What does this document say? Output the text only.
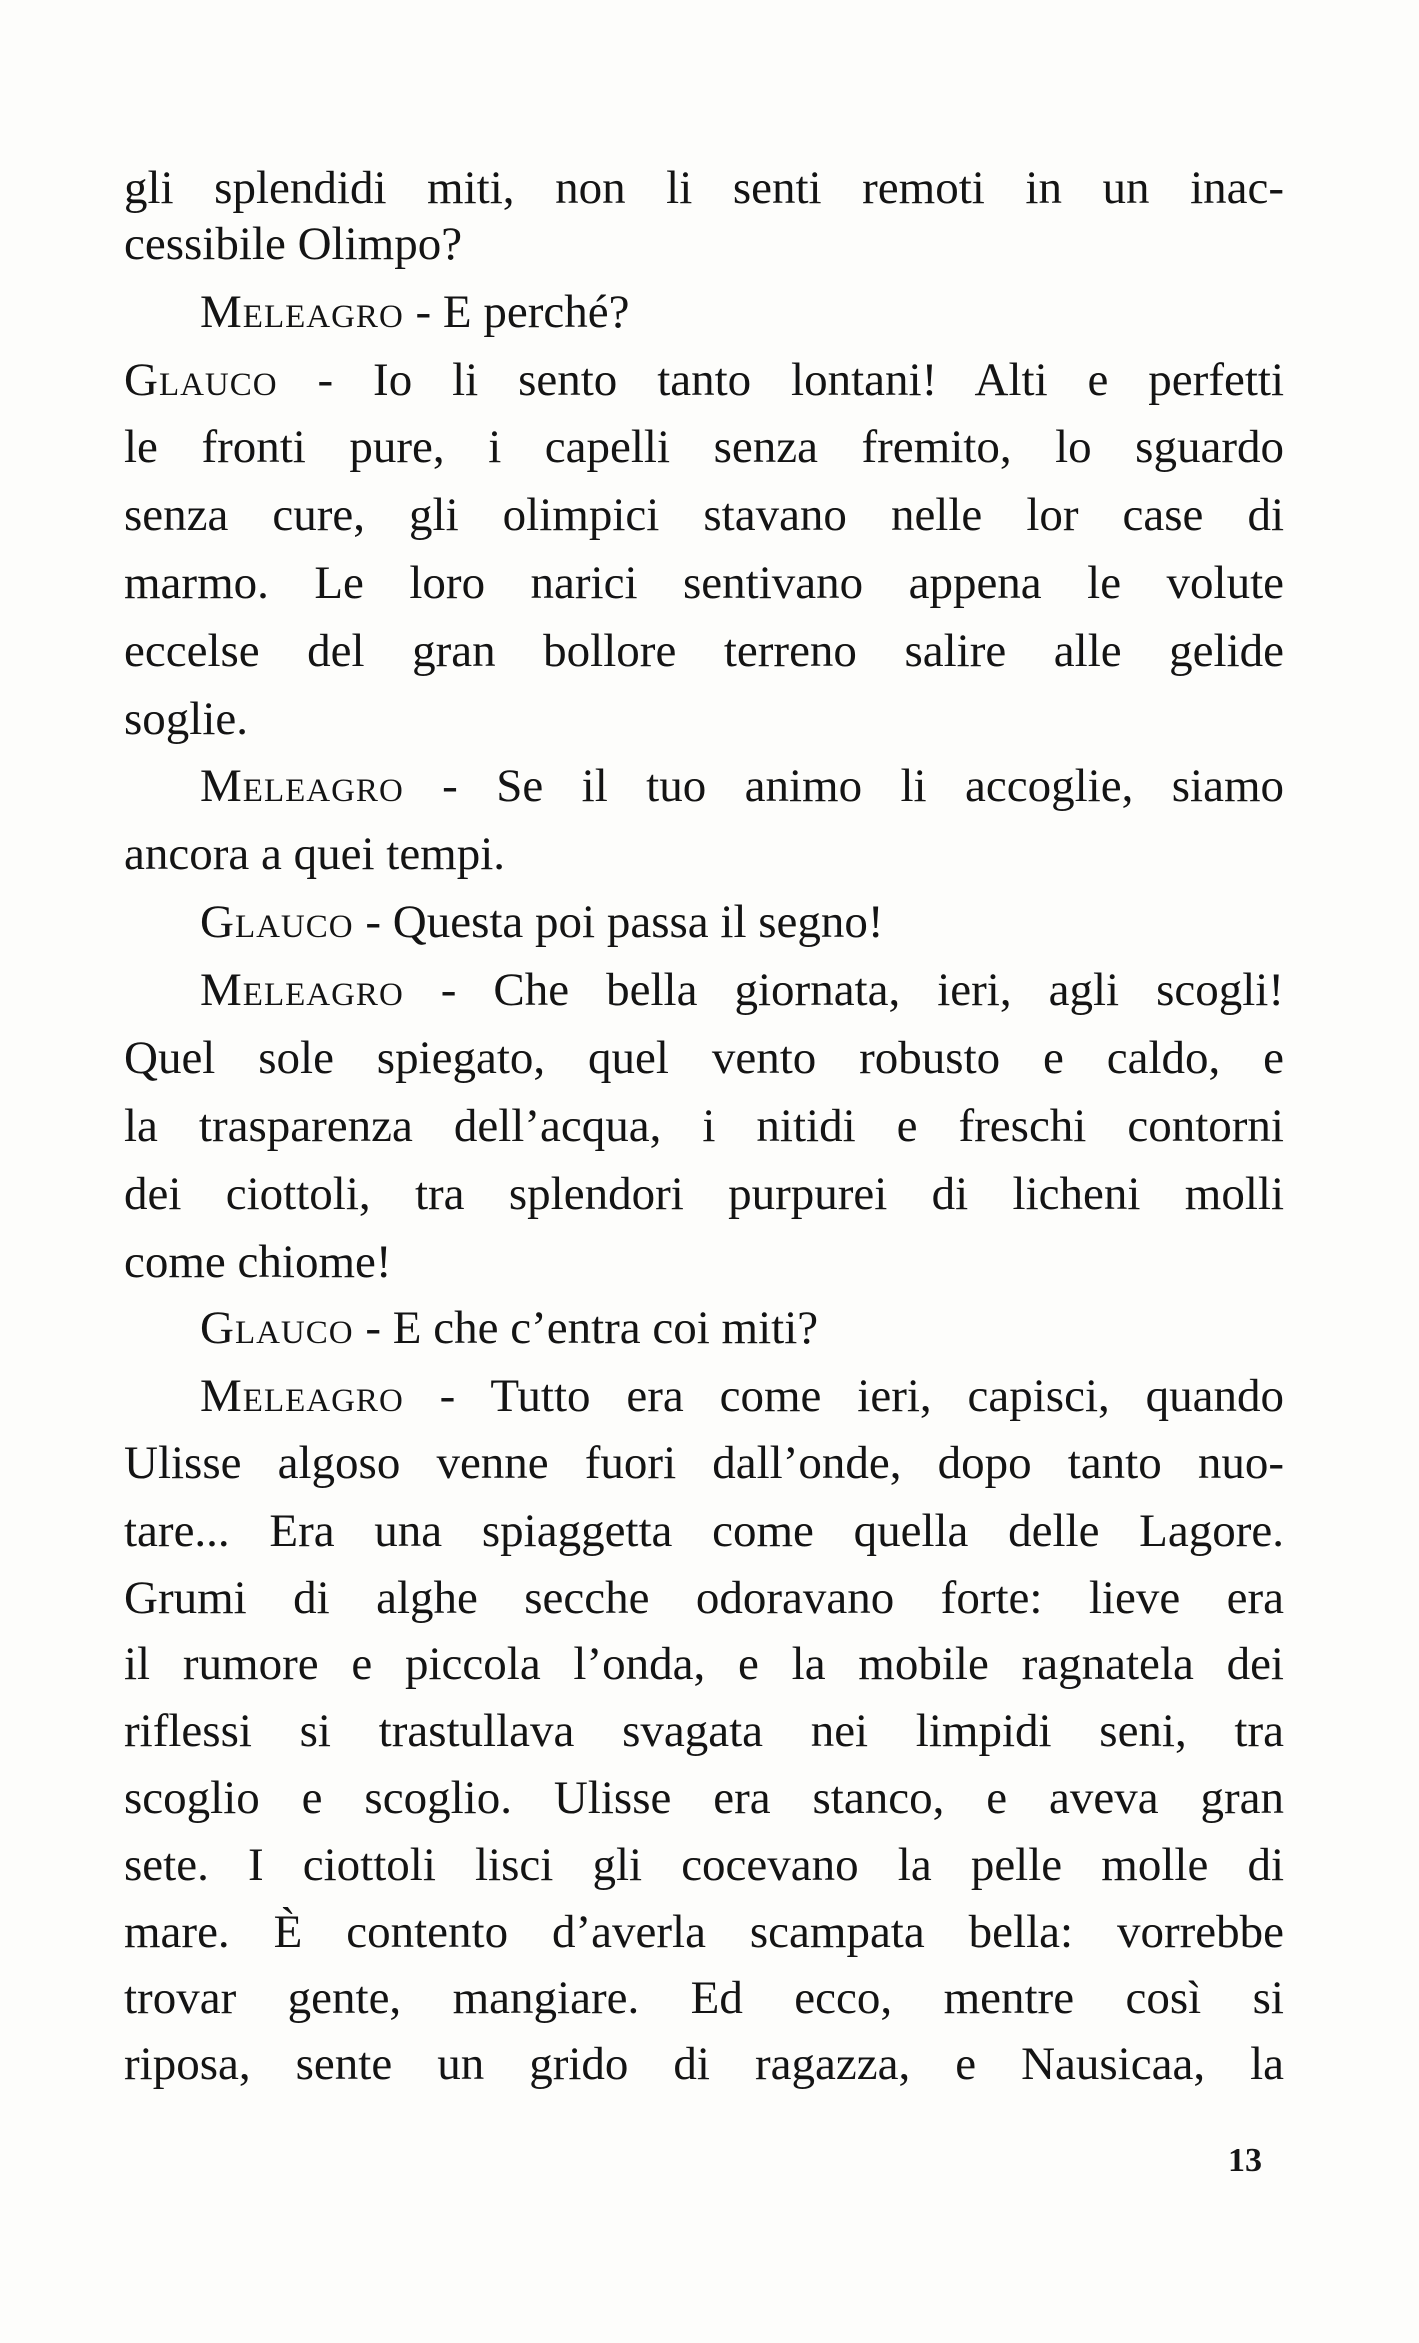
gli splendidi miti, non li senti remoti in un inac-
cessibile Olimpo?
Meleagro - E perché?
Glauco - Io li sento tanto lontani! Alti e perfetti
le fronti pure, i capelli senza fremito, lo sguardo
senza cure, gli olimpici stavano nelle lor case di
marmo. Le loro narici sentivano appena le volute
eccelse del gran bollore terreno salire alle gelide
soglie.
Meleagro - Se il tuo animo li accoglie, siamo
ancora a quei tempi.
Glauco - Questa poi passa il segno!
Meleagro - Che bella giornata, ieri, agli scogli!
Quel sole spiegato, quel vento robusto e caldo, e
la trasparenza dell’acqua, i nitidi e freschi contorni
dei ciottoli, tra splendori purpurei di licheni molli
come chiome!
Glauco - E che c’entra coi miti?
Meleagro - Tutto era come ieri, capisci, quando
Ulisse algoso venne fuori dall’onde, dopo tanto nuo-
tare... Era una spiaggetta come quella delle Lagore.
Grumi di alghe secche odoravano forte: lieve era
il rumore e piccola l’onda, e la mobile ragnatela dei
riflessi si trastullava svagata nei limpidi seni, tra
scoglio e scoglio. Ulisse era stanco, e aveva gran
sete. I ciottoli lisci gli cocevano la pelle molle di
mare. È contento d’averla scampata bella: vorrebbe
trovar gente, mangiare. Ed ecco, mentre così si
riposa, sente un grido di ragazza, e Nausicaa, la
13
